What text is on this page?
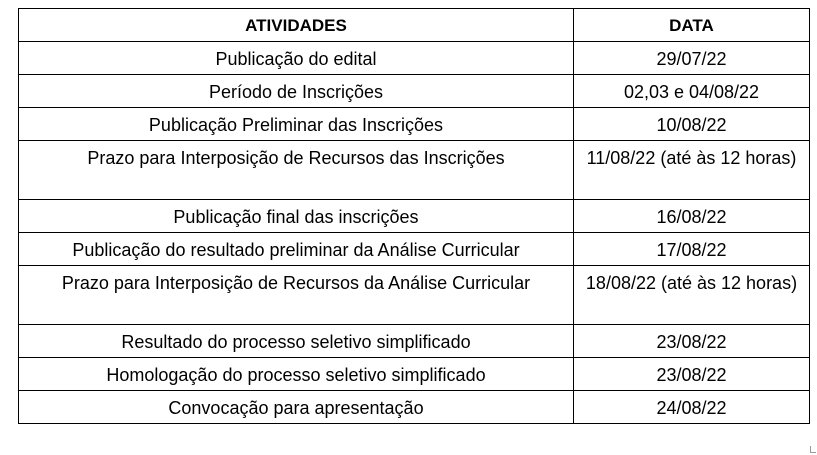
ATIVIDADES	DATA
Publicação do edital	29/07/22
Período de Inscrições	02,03 e 04/08/22
Publicação Preliminar das Inscrições	10/08/22
Prazo para Interposição de Recursos das Inscrições	11/08/22 (até às 12 horas)
Publicação final das inscrições	16/08/22
Publicação do resultado preliminar da Análise Curricular	17/08/22
Prazo para Interposição de Recursos da Análise Curricular	18/08/22 (até às 12 horas)
Resultado do processo seletivo simplificado	23/08/22
Homologação do processo seletivo simplificado	23/08/22
Convocação para apresentação	24/08/22
